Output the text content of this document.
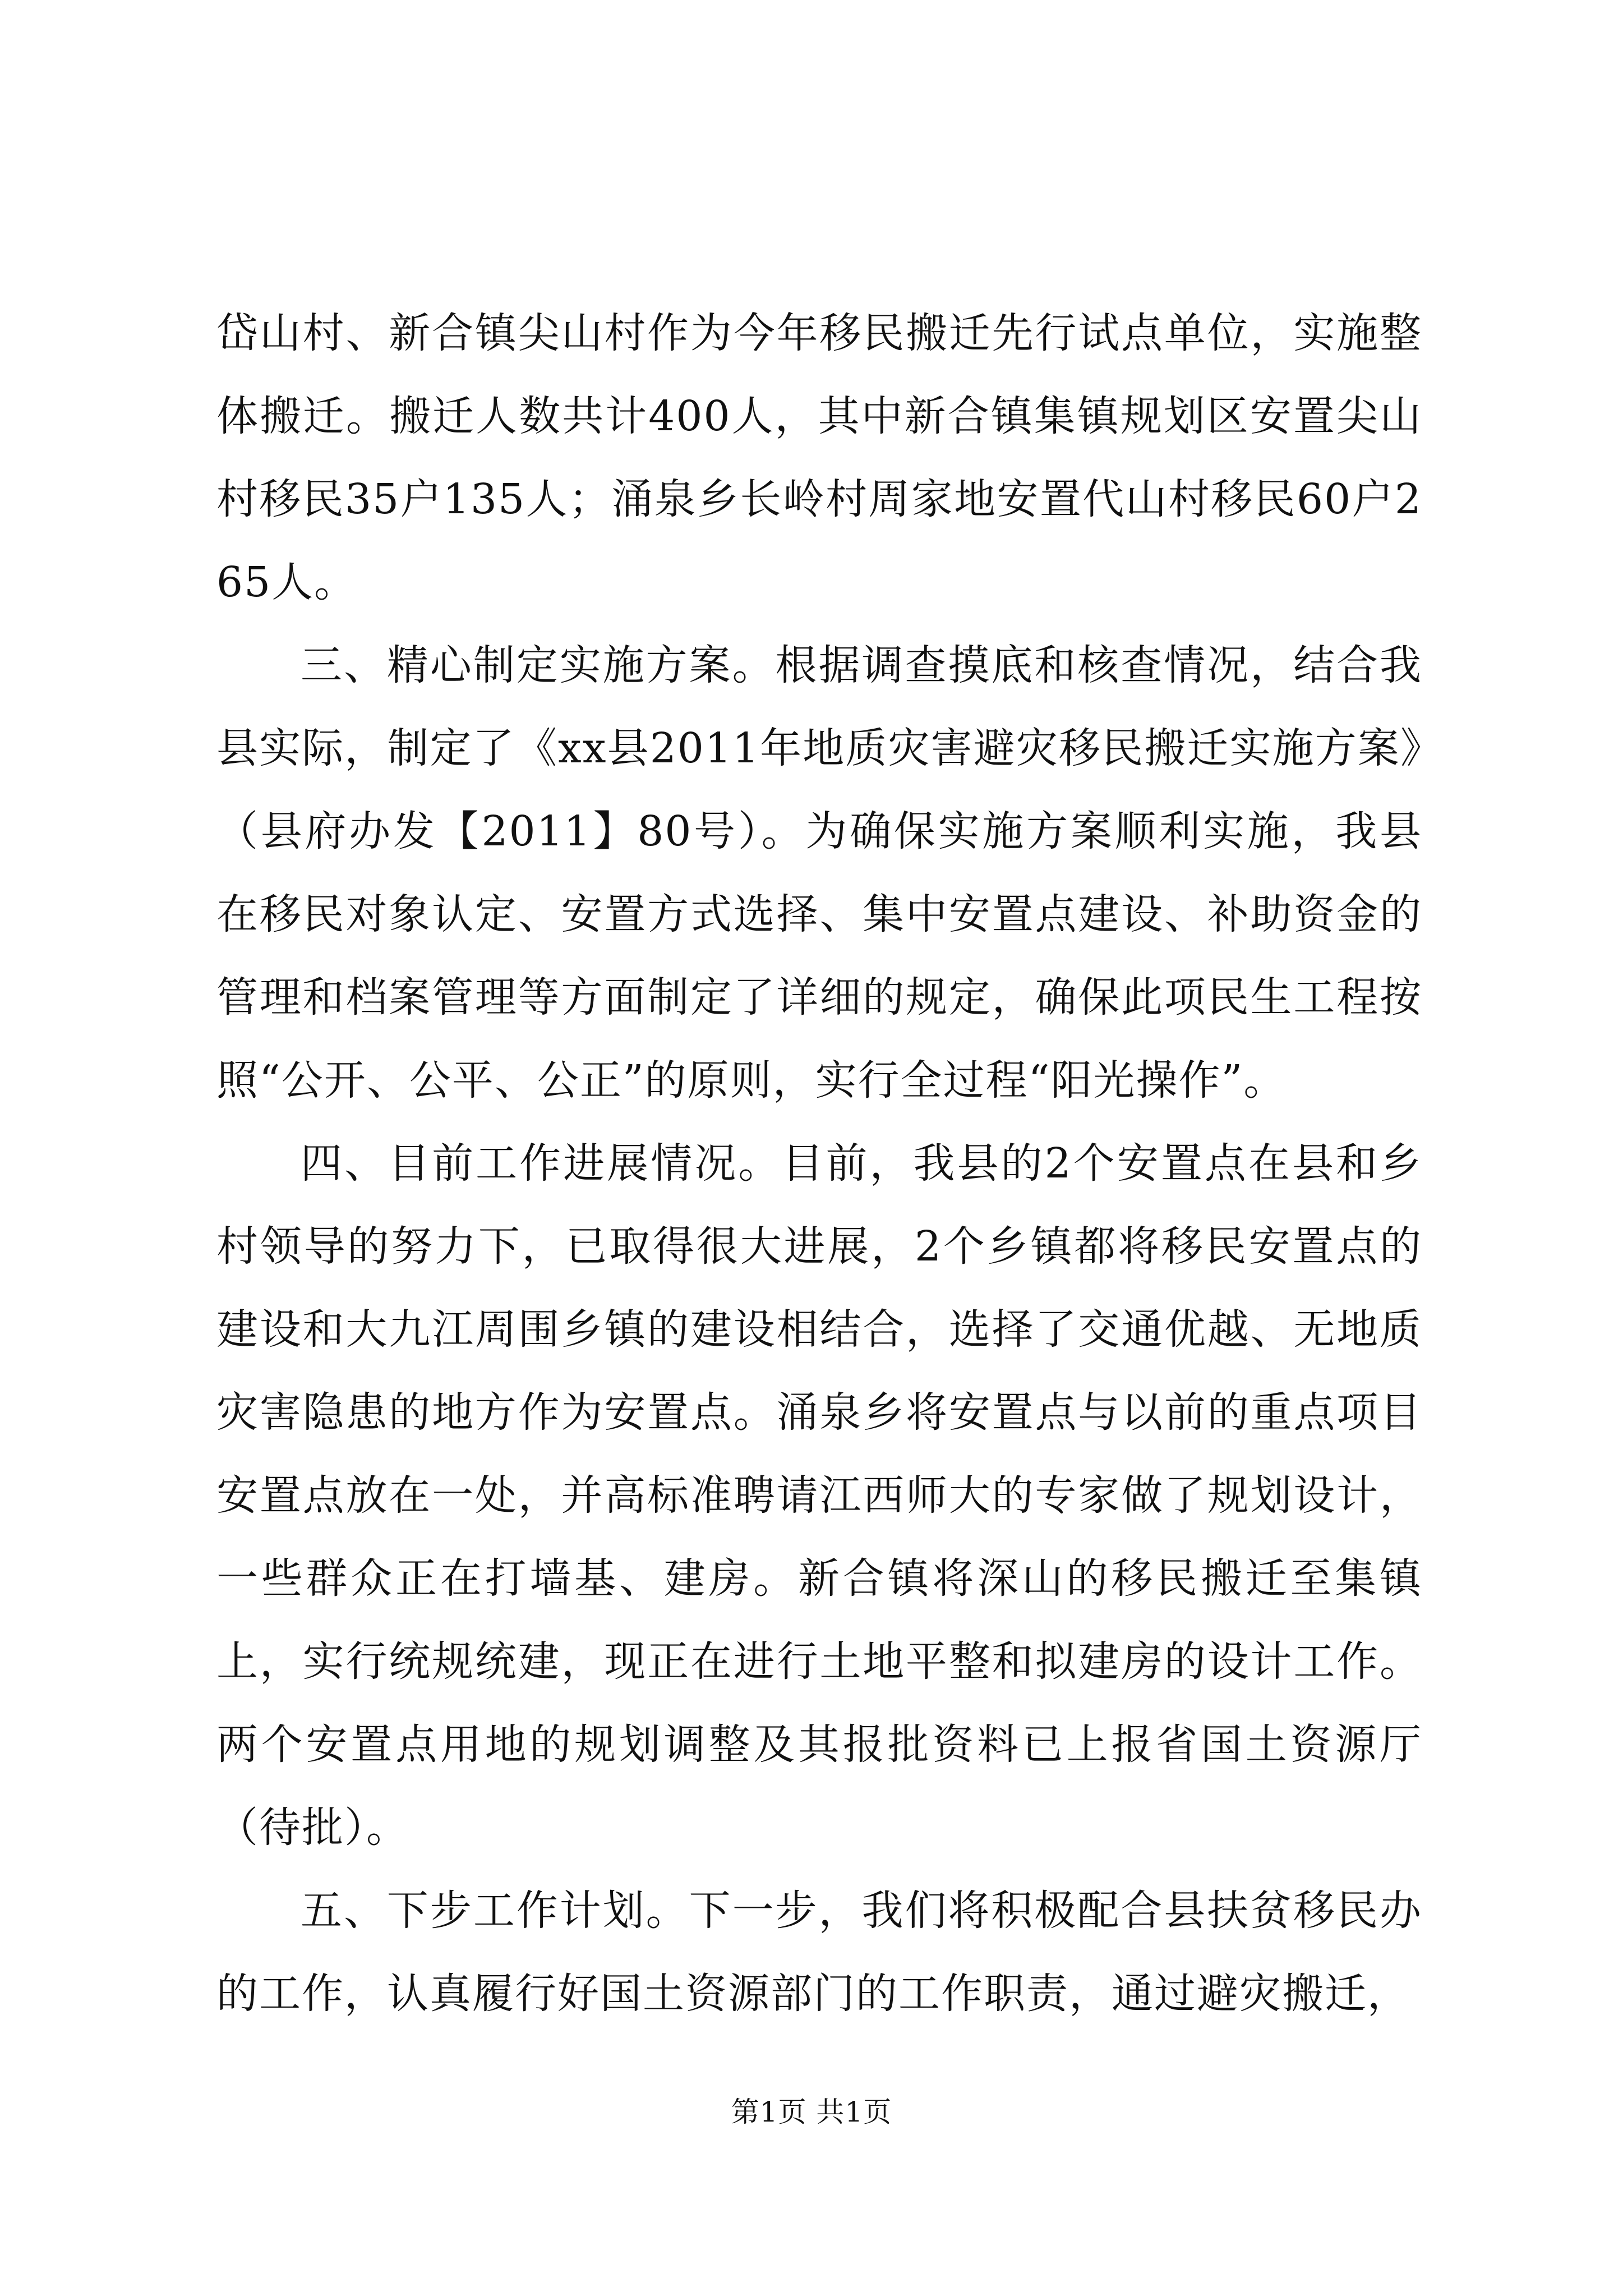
岱山村、新合镇尖山村作为今年移民搬迁先行试点单位，实施整体搬迁。搬迁人数共计400人，其中新合镇集镇规划区安置尖山村移民35户135人；涌泉乡长岭村周家地安置代山村移民60户265人。

三、精心制定实施方案。根据调查摸底和核查情况，结合我县实际，制定了《xx县2011年地质灾害避灾移民搬迁实施方案》（县府办发【2011】80号）。为确保实施方案顺利实施，我县在移民对象认定、安置方式选择、集中安置点建设、补助资金的管理和档案管理等方面制定了详细的规定，确保此项民生工程按照“公开、公平、公正”的原则，实行全过程“阳光操作”。

四、目前工作进展情况。目前，我县的2个安置点在县和乡村领导的努力下，已取得很大进展，2个乡镇都将移民安置点的建设和大九江周围乡镇的建设相结合，选择了交通优越、无地质灾害隐患的地方作为安置点。涌泉乡将安置点与以前的重点项目安置点放在一处，并高标准聘请江西师大的专家做了规划设计，一些群众正在打墙基、建房。新合镇将深山的移民搬迁至集镇上，实行统规统建，现正在进行土地平整和拟建房的设计工作。两个安置点用地的规划调整及其报批资料已上报省国土资源厅（待批）。

五、下步工作计划。下一步，我们将积极配合县扶贫移民办的工作，认真履行好国土资源部门的工作职责，通过避灾搬迁，

第1页 共1页
